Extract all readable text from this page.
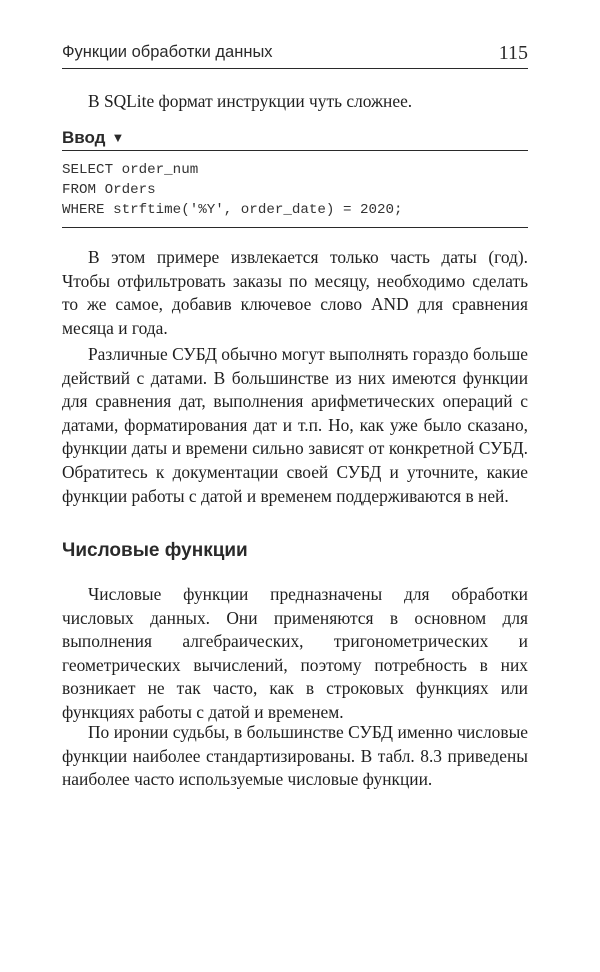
Функции обработки данных	115

В SQLite формат инструкции чуть сложнее.

Ввод ▼
SELECT order_num
FROM Orders
WHERE strftime('%Y', order_date) = 2020;

В этом примере извлекается только часть даты (год). Чтобы отфильтровать заказы по месяцу, необходимо сделать то же самое, добавив ключевое слово AND для сравнения месяца и года.

Различные СУБД обычно могут выполнять гораздо больше действий с датами. В большинстве из них имеются функции для сравнения дат, выполнения арифметических операций с датами, форматирования дат и т.п. Но, как уже было сказано, функции даты и времени сильно зависят от конкретной СУБД. Обратитесь к документации своей СУБД и уточните, какие функции работы с датой и временем поддерживаются в ней.

Числовые функции

Числовые функции предназначены для обработки числовых данных. Они применяются в основном для выполнения алгебраических, тригонометрических и геометрических вычислений, поэтому потребность в них возникает не так часто, как в строковых функциях или функциях работы с датой и временем.

По иронии судьбы, в большинстве СУБД именно числовые функции наиболее стандартизированы. В табл. 8.3 приведены наиболее часто используемые числовые функции.
